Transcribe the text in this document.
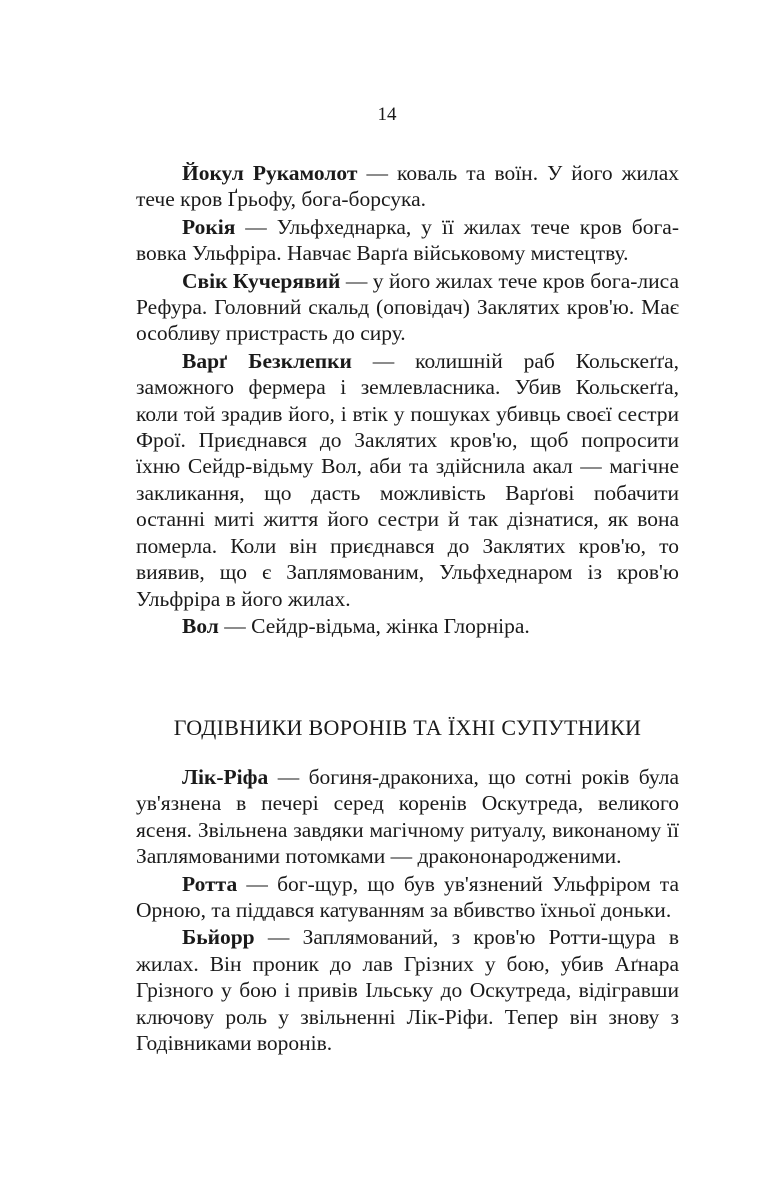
14

Йокул Рукамолот — коваль та воїн. У його жилах тече кров Ґрьофу, бога-борсука.

Рокія — Ульфхеднарка, у її жилах тече кров бога-вовка Ульфріра. Навчає Варґа військовому мистецтву.

Свік Кучерявий — у його жилах тече кров бога-лиса Рефура. Головний скальд (оповідач) Заклятих кров'ю. Має особливу пристрасть до сиру.

Варґ Безклепки — колишній раб Кольскеґґа, заможного фермера і землевласника. Убив Кольскеґґа, коли той зрадив його, і втік у пошуках убивць своєї сестри Фрої. Приєднався до Заклятих кров'ю, щоб попросити їхню Сейдр-відьму Вол, аби та здійснила акал — магічне закликання, що дасть можливість Варґові побачити останні миті життя його сестри й так дізнатися, як вона померла. Коли він приєднався до Заклятих кров'ю, то виявив, що є Заплямованим, Ульфхеднаром із кров'ю Ульфріра в його жилах.

Вол — Сейдр-відьма, жінка Глорніра.

ГОДІВНИКИ ВОРОНІВ ТА ЇХНІ СУПУТНИКИ

Лік-Ріфа — богиня-дракониха, що сотні років була ув'язнена в печері серед коренів Оскутреда, великого ясеня. Звільнена завдяки магічному ритуалу, виконаному її Заплямованими потомками — дракононародженими.

Ротта — бог-щур, що був ув'язнений Ульфріром та Орною, та піддався катуванням за вбивство їхньої доньки.

Бьйорр — Заплямований, з кров'ю Ротти-щура в жилах. Він проник до лав Грізних у бою, убив Аґнара Грізного у бою і привів Ільську до Оскутреда, відігравши ключову роль у звільненні Лік-Ріфи. Тепер він знову з Годівниками воронів.
